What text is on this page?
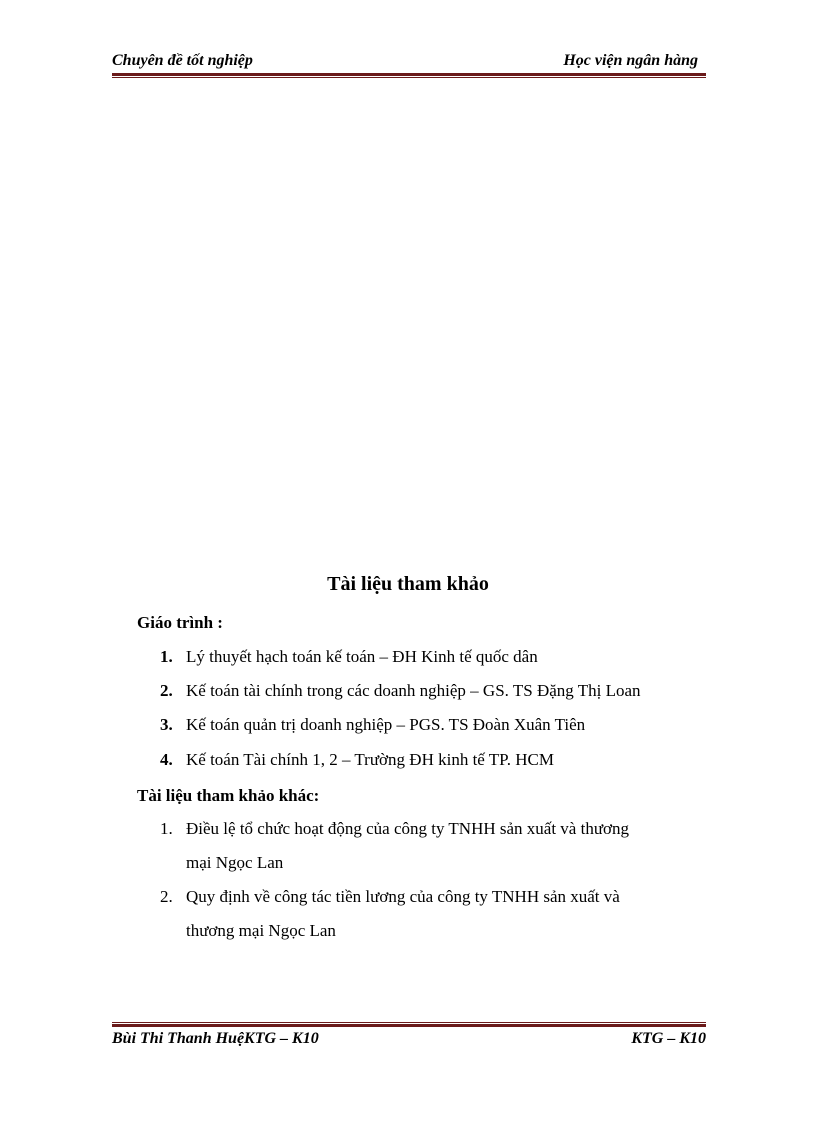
Chuyên đề tốt nghiệp	Học viện ngân hàng
Tài liệu tham khảo
Giáo trình :
1. Lý thuyết hạch toán kế toán – ĐH Kinh tế quốc dân
2. Kế toán tài chính trong các doanh nghiệp – GS. TS Đặng Thị Loan
3. Kế toán quản trị doanh nghiệp – PGS. TS Đoàn Xuân Tiên
4. Kế toán Tài chính 1, 2 – Trường ĐH kinh tế TP. HCM
Tài liệu tham khảo khác:
1. Điều lệ tổ chức hoạt động của công ty TNHH sản xuất và thương
mại Ngọc Lan
2. Quy định về công tác tiền lương của công ty TNHH sản xuất và
thương mại Ngọc Lan
Bùi Thi Thanh HuệKTG – K10	KTG – K10
